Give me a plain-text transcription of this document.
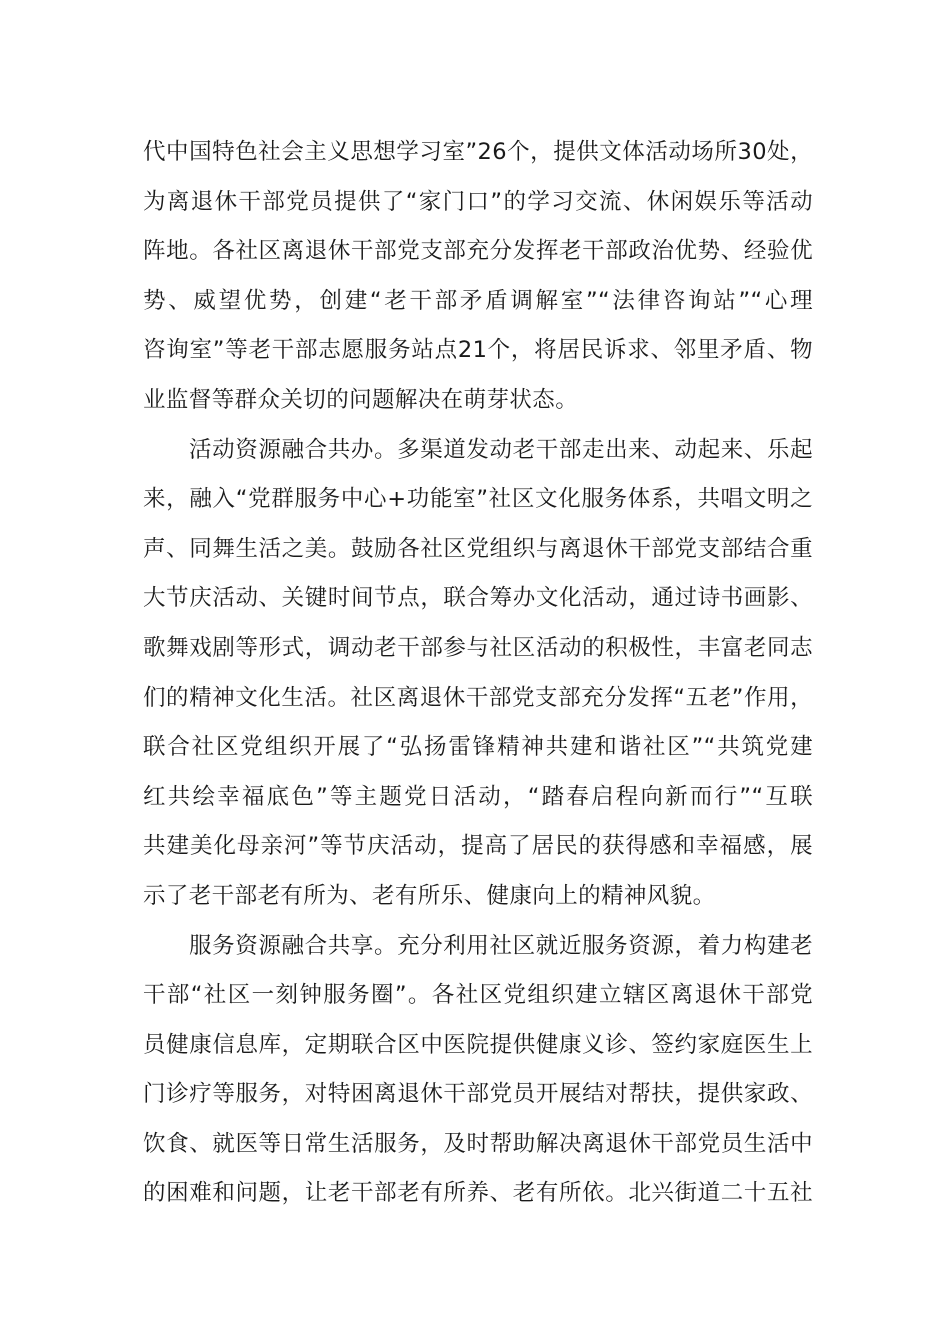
代中国特色社会主义思想学习室”26个，提供文体活动场所30处，
为离退休干部党员提供了“家门口”的学习交流、休闲娱乐等活动
阵地。各社区离退休干部党支部充分发挥老干部政治优势、经验优
势、威望优势，创建“老干部矛盾调解室”“法律咨询站”“心理
咨询室”等老干部志愿服务站点21个，将居民诉求、邻里矛盾、物
业监督等群众关切的问题解决在萌芽状态。
活动资源融合共办。多渠道发动老干部走出来、动起来、乐起
来，融入“党群服务中心+功能室”社区文化服务体系，共唱文明之
声、同舞生活之美。鼓励各社区党组织与离退休干部党支部结合重
大节庆活动、关键时间节点，联合筹办文化活动，通过诗书画影、
歌舞戏剧等形式，调动老干部参与社区活动的积极性，丰富老同志
们的精神文化生活。社区离退休干部党支部充分发挥“五老”作用，
联合社区党组织开展了“弘扬雷锋精神共建和谐社区”“共筑党建
红共绘幸福底色”等主题党日活动，“踏春启程向新而行”“互联
共建美化母亲河”等节庆活动，提高了居民的获得感和幸福感，展
示了老干部老有所为、老有所乐、健康向上的精神风貌。
服务资源融合共享。充分利用社区就近服务资源，着力构建老
干部“社区一刻钟服务圈”。各社区党组织建立辖区离退休干部党
员健康信息库，定期联合区中医院提供健康义诊、签约家庭医生上
门诊疗等服务，对特困离退休干部党员开展结对帮扶，提供家政、
饮食、就医等日常生活服务，及时帮助解决离退休干部党员生活中
的困难和问题，让老干部老有所养、老有所依。北兴街道二十五社
